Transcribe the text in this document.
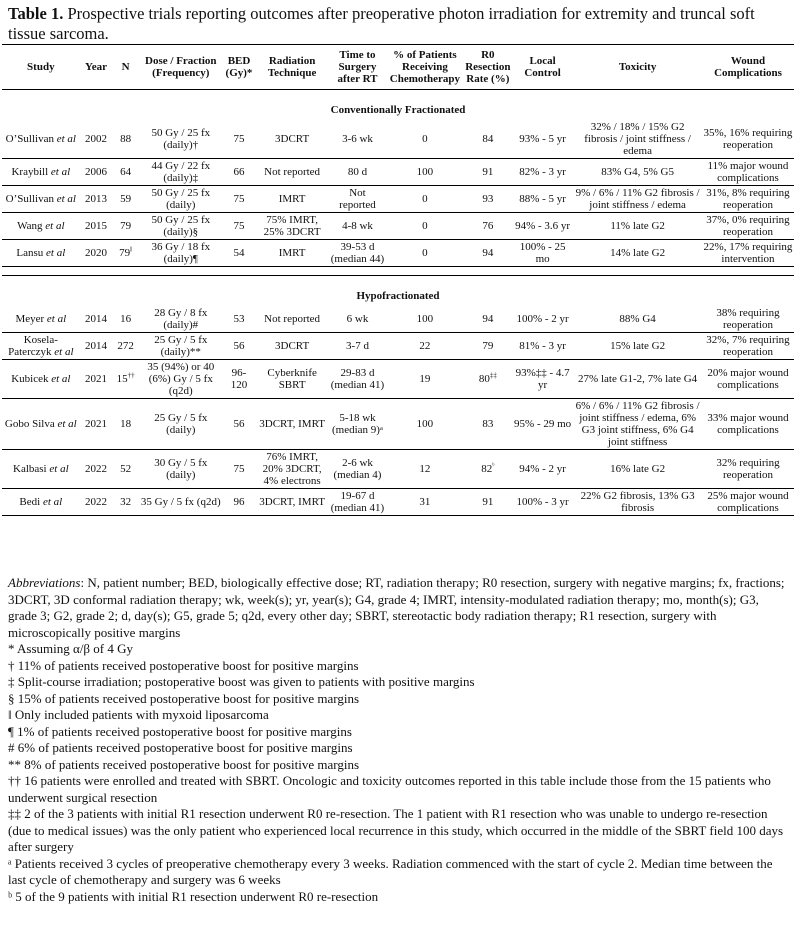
Table 1. Prospective trials reporting outcomes after preoperative photon irradiation for extremity and truncal soft tissue sarcoma.
Study	Year	N	Dose / Fraction (Frequency)	BED (Gy)*	Radiation Technique	Time to Surgery after RT	% of Patients Receiving Chemotherapy	R0 Resection Rate (%)	Local Control	Toxicity	Wound Complications
Conventionally Fractionated											
O’Sullivan et al	2002	88	50 Gy / 25 fx (daily)†	75	3DCRT	3-6 wk	0	84	93% - 5 yr	32% / 18% / 15% G2 fibrosis / joint stiffness / edema	35%, 16% requiring reoperation
Kraybill et al	2006	64	44 Gy / 22 fx (daily)‡	66	Not reported	80 d	100	91	82% - 3 yr	83% G4, 5% G5	11% major wound complications
O’Sullivan et al	2013	59	50 Gy / 25 fx (daily)	75	IMRT	Not reported	0	93	88% - 5 yr	9% / 6% / 11% G2 fibrosis / joint stiffness / edema	31%, 8% requiring reoperation
Wang et al	2015	79	50 Gy / 25 fx (daily)§	75	75% IMRT, 25% 3DCRT	4-8 wk	0	76	94% - 3.6 yr	11% late G2	37%, 0% requiring reoperation
Lansu et al	2020	79‖	36 Gy / 18 fx (daily)¶	54	IMRT	39-53 d (median 44)	0	94	100% - 25 mo	14% late G2	22%, 17% requiring intervention

Hypofractionated											
Meyer et al	2014	16	28 Gy / 8 fx (daily)#	53	Not reported	6 wk	100	94	100% - 2 yr	88% G4	38% requiring reoperation
Kosela-Paterczyk et al	2014	272	25 Gy / 5 fx (daily)**	56	3DCRT	3-7 d	22	79	81% - 3 yr	15% late G2	32%, 7% requiring reoperation
Kubicek et al	2021	15††	35 (94%) or 40 (6%) Gy / 5 fx (q2d)	96-120	Cyberknife SBRT	29-83 d (median 41)	19	80‡‡	93%‡‡ - 4.7 yr	27% late G1-2, 7% late G4	20% major wound complications
Gobo Silva et al	2021	18	25 Gy / 5 fx (daily)	56	3DCRT, IMRT	5-18 wk (median 9)ᵃ	100	83	95% - 29 mo	6% / 6% / 11% G2 fibrosis / joint stiffness / edema, 6% G3 joint stiffness, 6% G4 joint stiffness	33% major wound complications
Kalbasi et al	2022	52	30 Gy / 5 fx (daily)	75	76% IMRT, 20% 3DCRT, 4% electrons	2-6 wk (median 4)	12	$82^ᵇ$	94% - 2 yr	16% late G2	32% requiring reoperation
Bedi et al	2022	32	35 Gy / 5 fx (q2d)	96	3DCRT, IMRT	19-67 d (median 41)	31	91	100% - 3 yr	22% G2 fibrosis, 13% G3 fibrosis	25% major wound complications

Abbreviations: N, patient number; BED, biologically effective dose; RT, radiation therapy; R0 resection, surgery with negative margins; fx, fractions; 3DCRT, 3D conformal radiation therapy; wk, week(s); yr, year(s); G4, grade 4; IMRT, intensity-modulated radiation therapy; mo, month(s); G3, grade 3; G2, grade 2; d, day(s); G5, grade 5; q2d, every other day; SBRT, stereotactic body radiation therapy; R1 resection, surgery with microscopically positive margins

* Assuming α/β of 4 Gy

† 11% of patients received postoperative boost for positive margins

‡ Split-course irradiation; postoperative boost was given to patients with positive margins

§ 15% of patients received postoperative boost for positive margins

‖ Only included patients with myxoid liposarcoma

¶ 1% of patients received postoperative boost for positive margins

# 6% of patients received postoperative boost for positive margins

** 8% of patients received postoperative boost for positive margins

†† 16 patients were enrolled and treated with SBRT. Oncologic and toxicity outcomes reported in this table include those from the 15 patients who underwent surgical resection

‡‡ 2 of the 3 patients with initial R1 resection underwent R0 re-resection. The 1 patient with R1 resection who was unable to undergo re-resection (due to medical issues) was the only patient who experienced local recurrence in this study, which occurred in the middle of the SBRT field 100 days after surgery

ᵃ Patients received 3 cycles of preoperative chemotherapy every 3 weeks. Radiation commenced with the start of cycle 2. Median time between the last cycle of chemotherapy and surgery was 6 weeks

ᵇ 5 of the 9 patients with initial R1 resection underwent R0 re-resection
